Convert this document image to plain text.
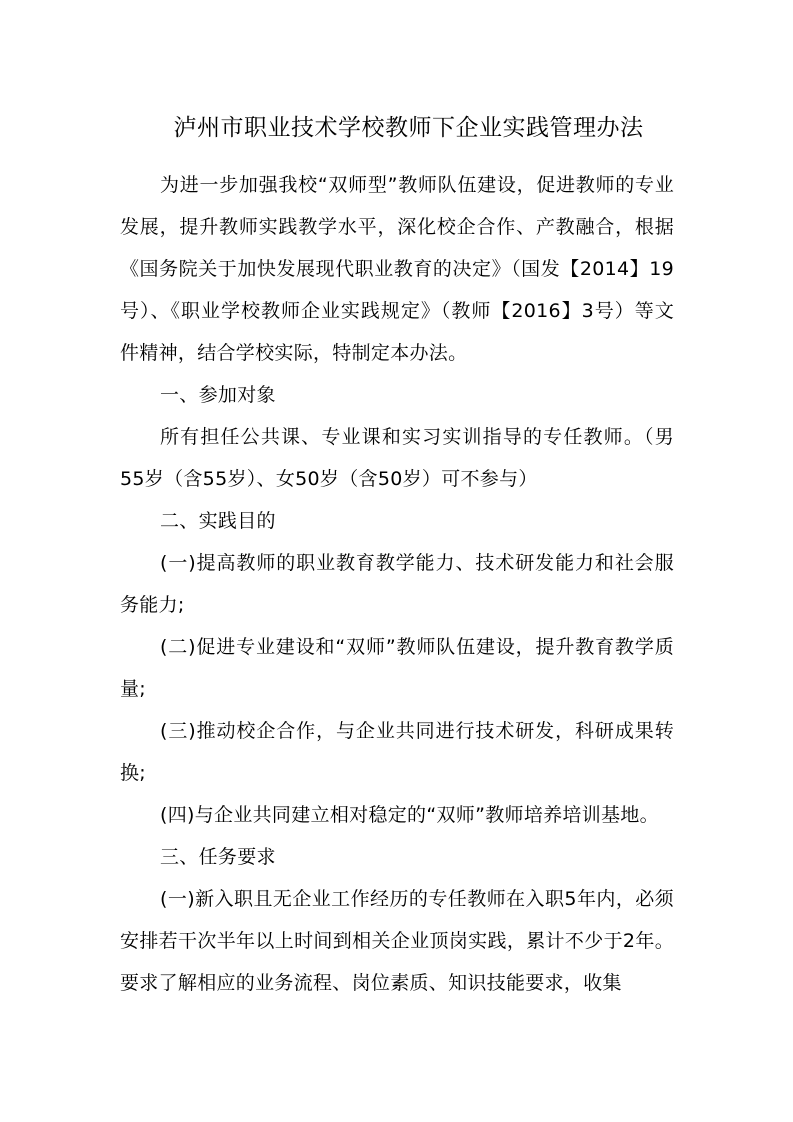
泸州市职业技术学校教师下企业实践管理办法

为进一步加强我校“双师型”教师队伍建设，促进教师的专业发展，提升教师实践教学水平，深化校企合作、产教融合，根据《国务院关于加快发展现代职业教育的决定》（国发【2014】19号）、《职业学校教师企业实践规定》（教师【2016】3号）等文件精神，结合学校实际，特制定本办法。

一、参加对象

所有担任公共课、专业课和实习实训指导的专任教师。（男55岁（含55岁）、女50岁（含50岁）可不参与）

二、实践目的

(一)提高教师的职业教育教学能力、技术研发能力和社会服务能力;

(二)促进专业建设和“双师”教师队伍建设，提升教育教学质量;

(三)推动校企合作，与企业共同进行技术研发，科研成果转换;

(四)与企业共同建立相对稳定的“双师”教师培养培训基地。

三、任务要求

(一)新入职且无企业工作经历的专任教师在入职5年内，必须安排若干次半年以上时间到相关企业顶岗实践，累计不少于2年。要求了解相应的业务流程、岗位素质、知识技能要求，收集
